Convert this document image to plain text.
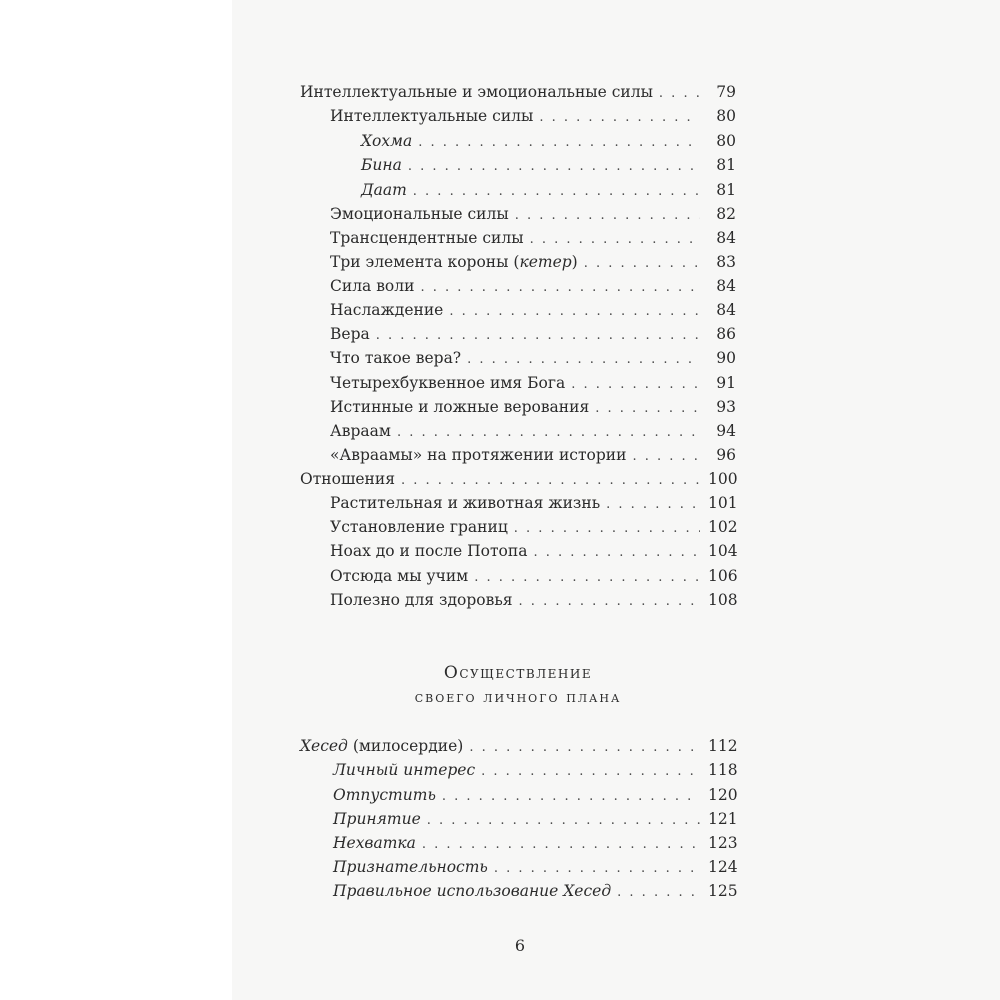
Интеллектуальные и эмоциональные силы . . .	79
Интеллектуальные силы . . .	80
Хохма . . .	80
Бина . . .	81
Даат . . .	81
Эмоциональные силы . . .	82
Трансцендентные силы . . .	84
Три элемента короны (кетер) . . .	83
Сила воли . . .	84
Наслаждение . . .	84
Вера . . .	86
Что такое вера? . . .	90
Четырехбуквенное имя Бога . . .	91
Истинные и ложные верования . . .	93
Авраам . . .	94
«Авраамы» на протяжении истории . . .	96
Отношения . . .	100
Растительная и животная жизнь . . .	101
Установление границ . . .	102
Ноах до и после Потопа . . .	104
Отсюда мы учим . . .	106
Полезно для здоровья . . .	108
Осуществление
своего личного плана
Хесед (милосердие) . . .	112
Личный интерес . . .	118
Отпустить . . .	120
Принятие . . .	121
Нехватка . . .	123
Признательность . . .	124
Правильное использование Хесед . . .	125
6
